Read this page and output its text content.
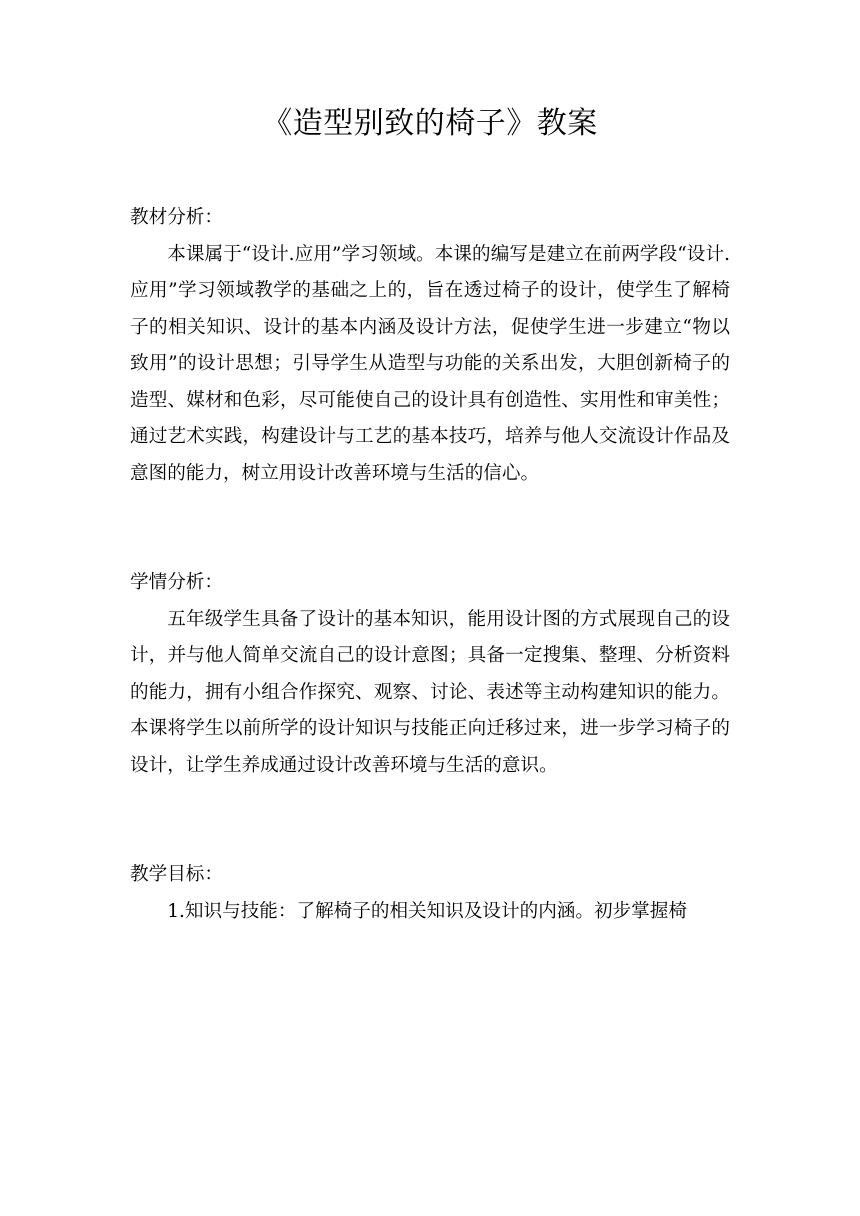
《造型别致的椅子》教案

教材分析：

本课属于“设计.应用”学习领域。本课的编写是建立在前两学段“设计.应用”学习领域教学的基础之上的，旨在透过椅子的设计，使学生了解椅子的相关知识、设计的基本内涵及设计方法，促使学生进一步建立“物以致用”的设计思想；引导学生从造型与功能的关系出发，大胆创新椅子的造型、媒材和色彩，尽可能使自己的设计具有创造性、实用性和审美性；通过艺术实践，构建设计与工艺的基本技巧，培养与他人交流设计作品及意图的能力，树立用设计改善环境与生活的信心。

学情分析：

五年级学生具备了设计的基本知识，能用设计图的方式展现自己的设计，并与他人简单交流自己的设计意图；具备一定搜集、整理、分析资料的能力，拥有小组合作探究、观察、讨论、表述等主动构建知识的能力。本课将学生以前所学的设计知识与技能正向迁移过来，进一步学习椅子的设计，让学生养成通过设计改善环境与生活的意识。

教学目标：

1.知识与技能：了解椅子的相关知识及设计的内涵。初步掌握椅
